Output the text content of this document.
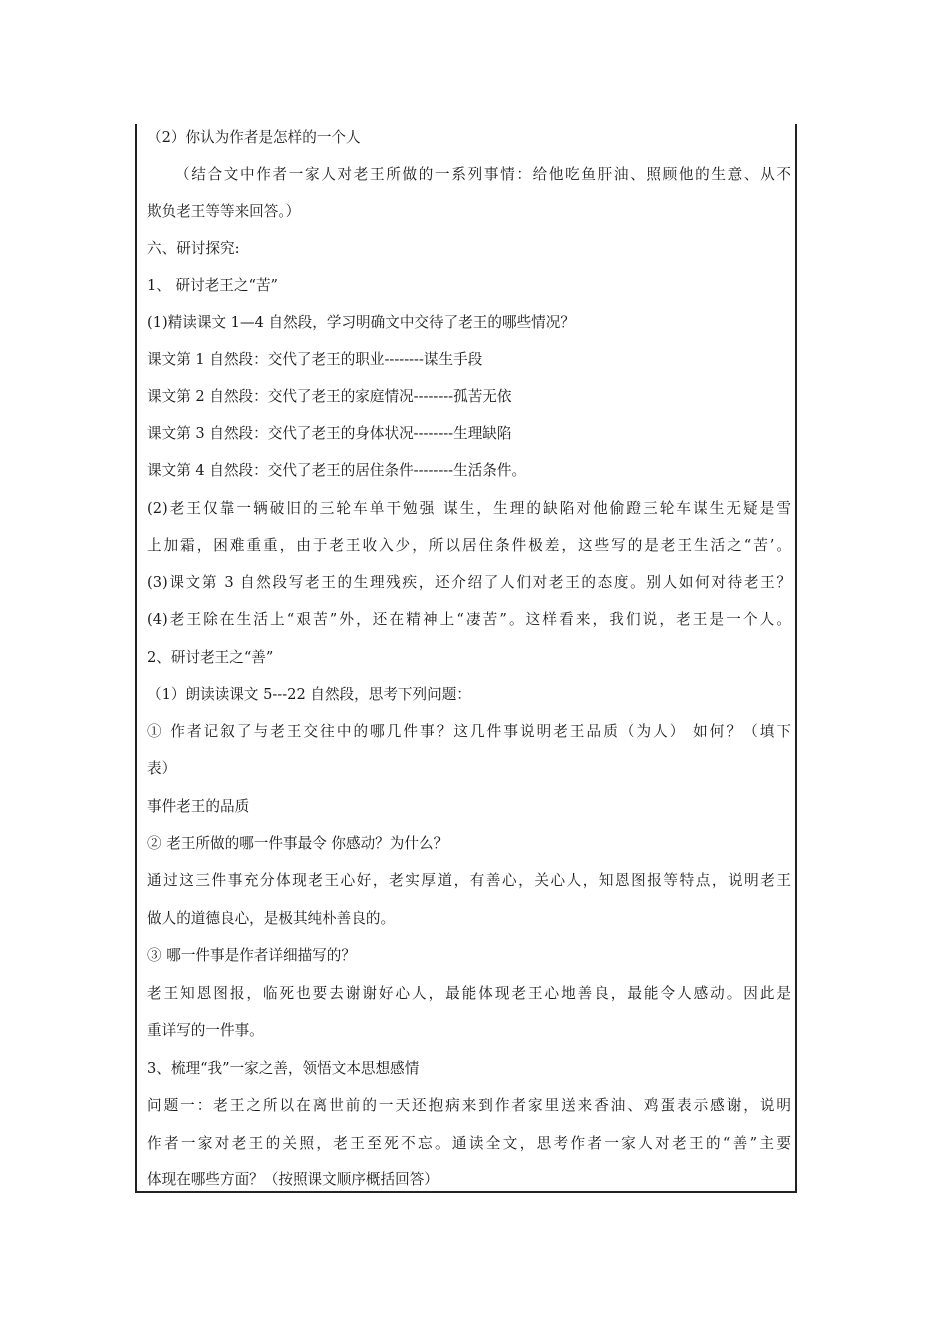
（2）你认为作者是怎样的一个人
（结合文中作者一家人对老王所做的一系列事情：给他吃鱼肝油、照顾他的生意、从不
欺负老王等等来回答。）
六、研讨探究:
1、 研讨老王之“苦”
(1)精读课文 1—4 自然段，学习明确文中交待了老王的哪些情况？
课文第 1 自然段：交代了老王的职业--------谋生手段
课文第 2 自然段：交代了老王的家庭情况--------孤苦无依
课文第 3 自然段：交代了老王的身体状况--------生理缺陷
课文第 4 自然段：交代了老王的居住条件--------生活条件。
(2)老王仅靠一辆破旧的三轮车单干勉强 谋生，生理的缺陷对他偷蹬三轮车谋生无疑是雪
上加霜，困难重重，由于老王收入少，所以居住条件极差，这些写的是老王生活之“苦’。
(3)课文第 3 自然段写老王的生理残疾，还介绍了人们对老王的态度。别人如何对待老王？
(4)老王除在生活上“艰苦”外，还在精神上“凄苦”。这样看来，我们说，老王是一个人。
2、研讨老王之“善”
（1）朗读读课文 5---22 自然段，思考下列问题：
① 作者记叙了与老王交往中的哪几件事？这几件事说明老王品质（为人） 如何？（填下
表）
事件老王的品质
② 老王所做的哪一件事最令 你感动？为什么？
通过这三件事充分体现老王心好，老实厚道，有善心，关心人，知恩图报等特点，说明老王
做人的道德良心，是极其纯朴善良的。
③ 哪一件事是作者详细描写的？
老王知恩图报，临死也要去谢谢好心人，最能体现老王心地善良，最能令人感动。因此是
重详写的一件事。
3、梳理“我”一家之善，领悟文本思想感情
问题一：老王之所以在离世前的一天还抱病来到作者家里送来香油、鸡蛋表示感谢，说明
作者一家对老王的关照，老王至死不忘。通读全文，思考作者一家人对老王的“善”主要
体现在哪些方面？（按照课文顺序概括回答）
